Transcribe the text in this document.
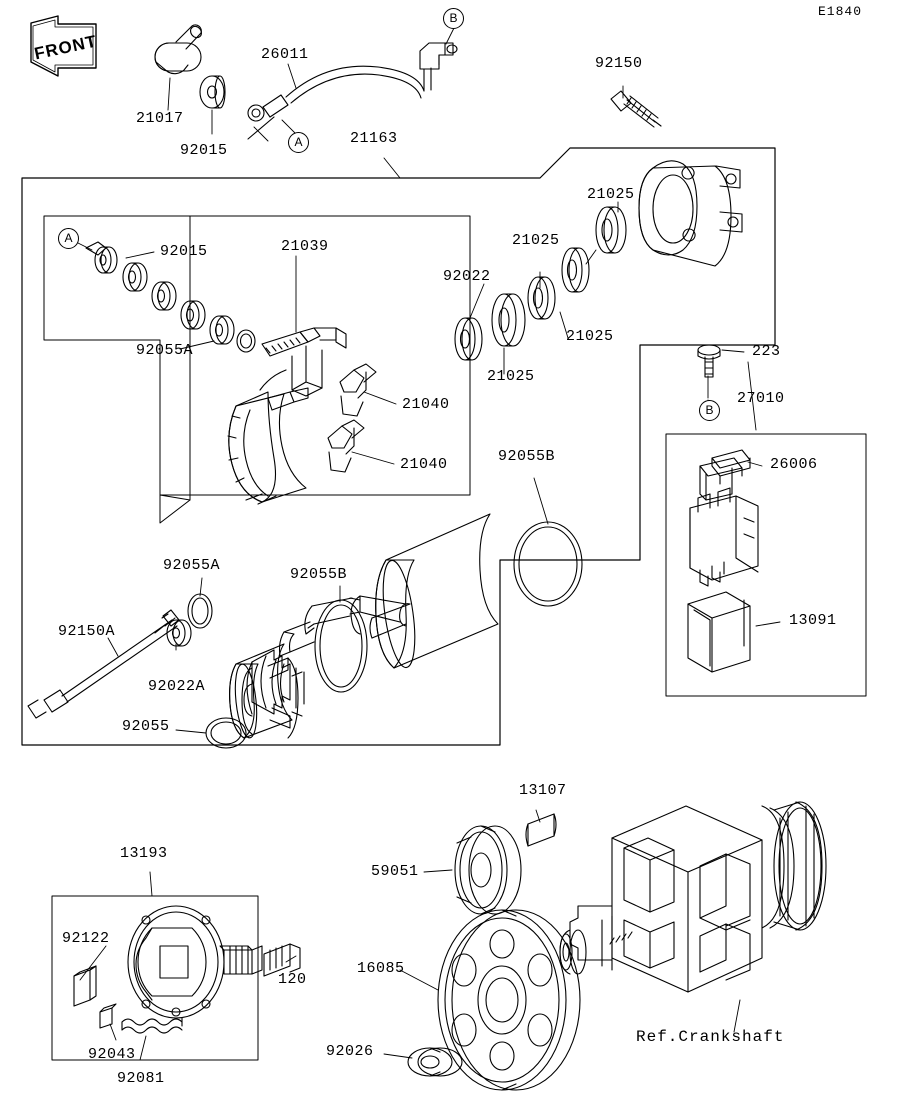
E1840
FRONT
B
A
A
B
21017
26011
92015
21163
92150
92015	21039
92022
21025
21025
21025
21025
92055A
21040
21040	92055B
223
27010
26006
13091
92055A
92055B
92150A
92022A
92055
13107
59051
13193
92122
120
16085
92043
92081
92026
Ref.Crankshaft
